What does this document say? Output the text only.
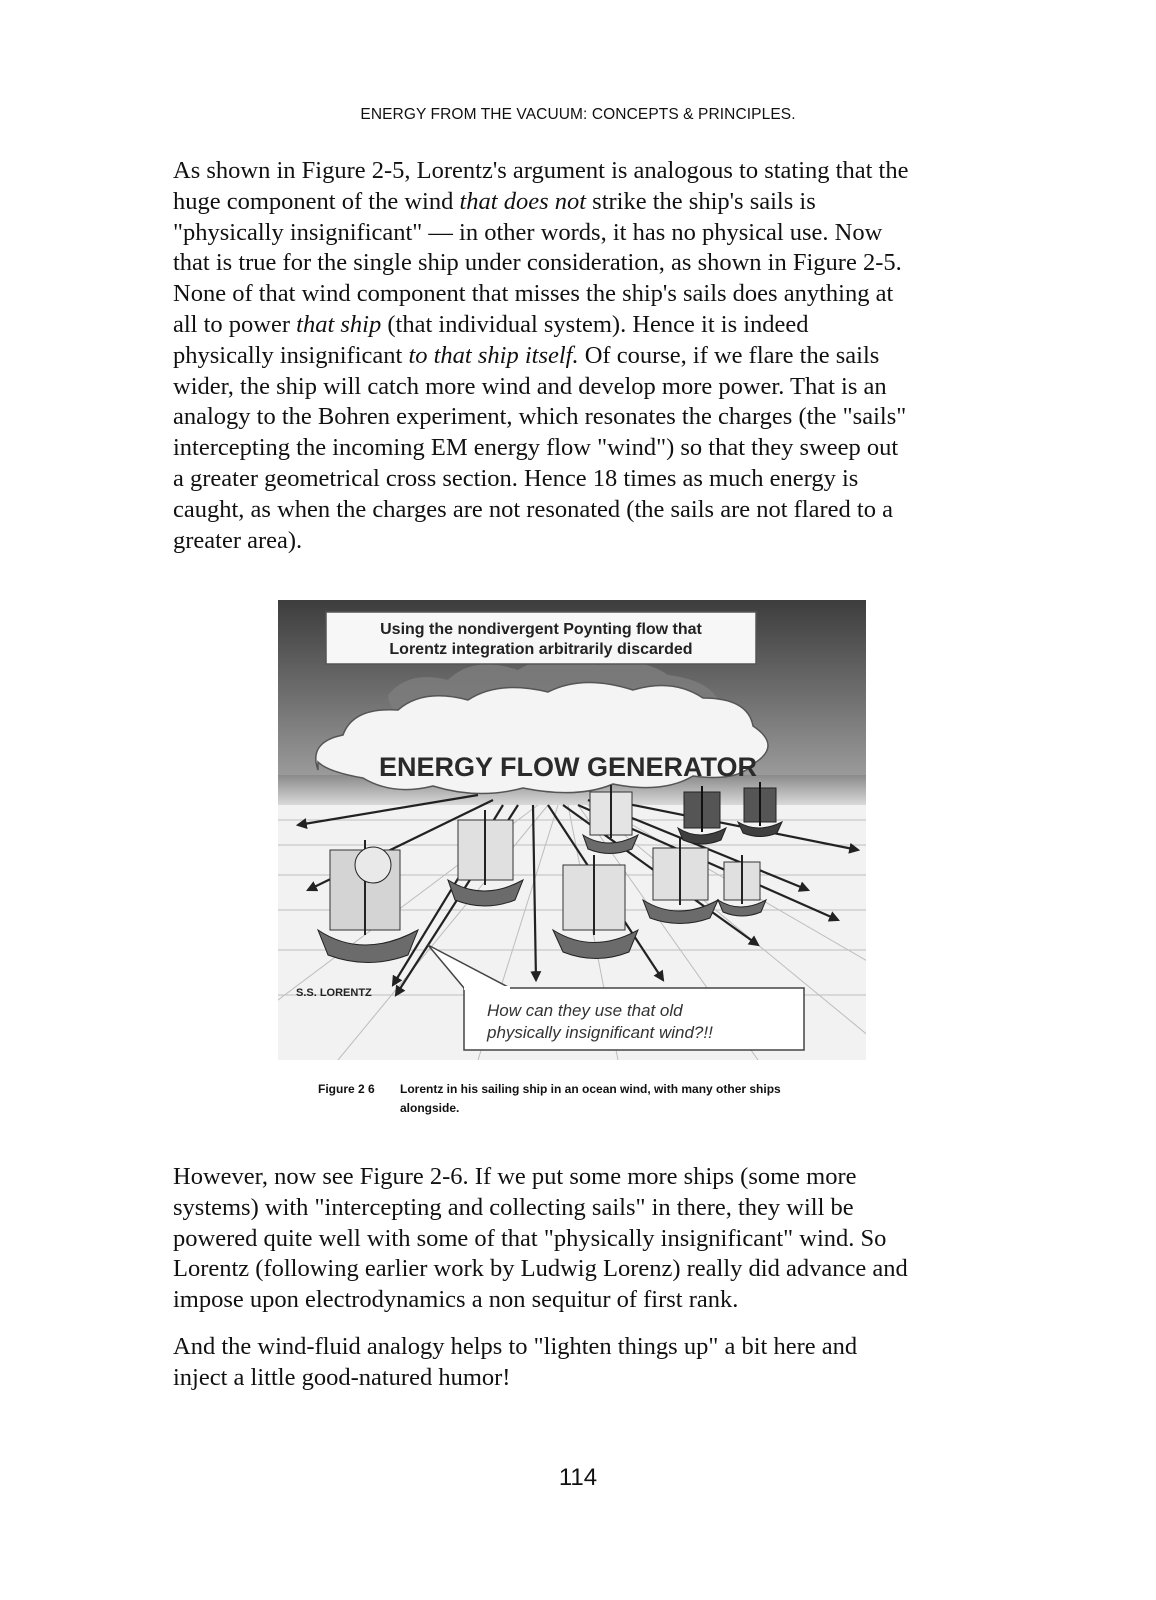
ENERGY FROM THE VACUUM: CONCEPTS & PRINCIPLES.

As shown in Figure 2-5, Lorentz's argument is analogous to stating that the
huge component of the wind that does not strike the ship's sails is
"physically insignificant" — in other words, it has no physical use. Now
that is true for the single ship under consideration, as shown in Figure 2-5.
None of that wind component that misses the ship's sails does anything at
all to power that ship (that individual system). Hence it is indeed
physically insignificant to that ship itself. Of course, if we flare the sails
wider, the ship will catch more wind and develop more power. That is an
analogy to the Bohren experiment, which resonates the charges (the "sails"
intercepting the incoming EM energy flow "wind") so that they sweep out
a greater geometrical cross section. Hence 18 times as much energy is
caught, as when the charges are not resonated (the sails are not flared to a
greater area).

ENERGY FLOW GENERATOR
Using the nondivergent Poynting flow that
Lorentz integration arbitrarily discarded
S.S. LORENTZ
How can they use that old
physically insignificant wind?!!
Figure 2 6 Lorentz in his sailing ship in an ocean wind, with many other ships
alongside.

However, now see Figure 2-6. If we put some more ships (some more
systems) with "intercepting and collecting sails" in there, they will be
powered quite well with some of that "physically insignificant" wind. So
Lorentz (following earlier work by Ludwig Lorenz) really did advance and
impose upon electrodynamics a non sequitur of first rank.

And the wind-fluid analogy helps to "lighten things up" a bit here and
inject a little good-natured humor!

114
